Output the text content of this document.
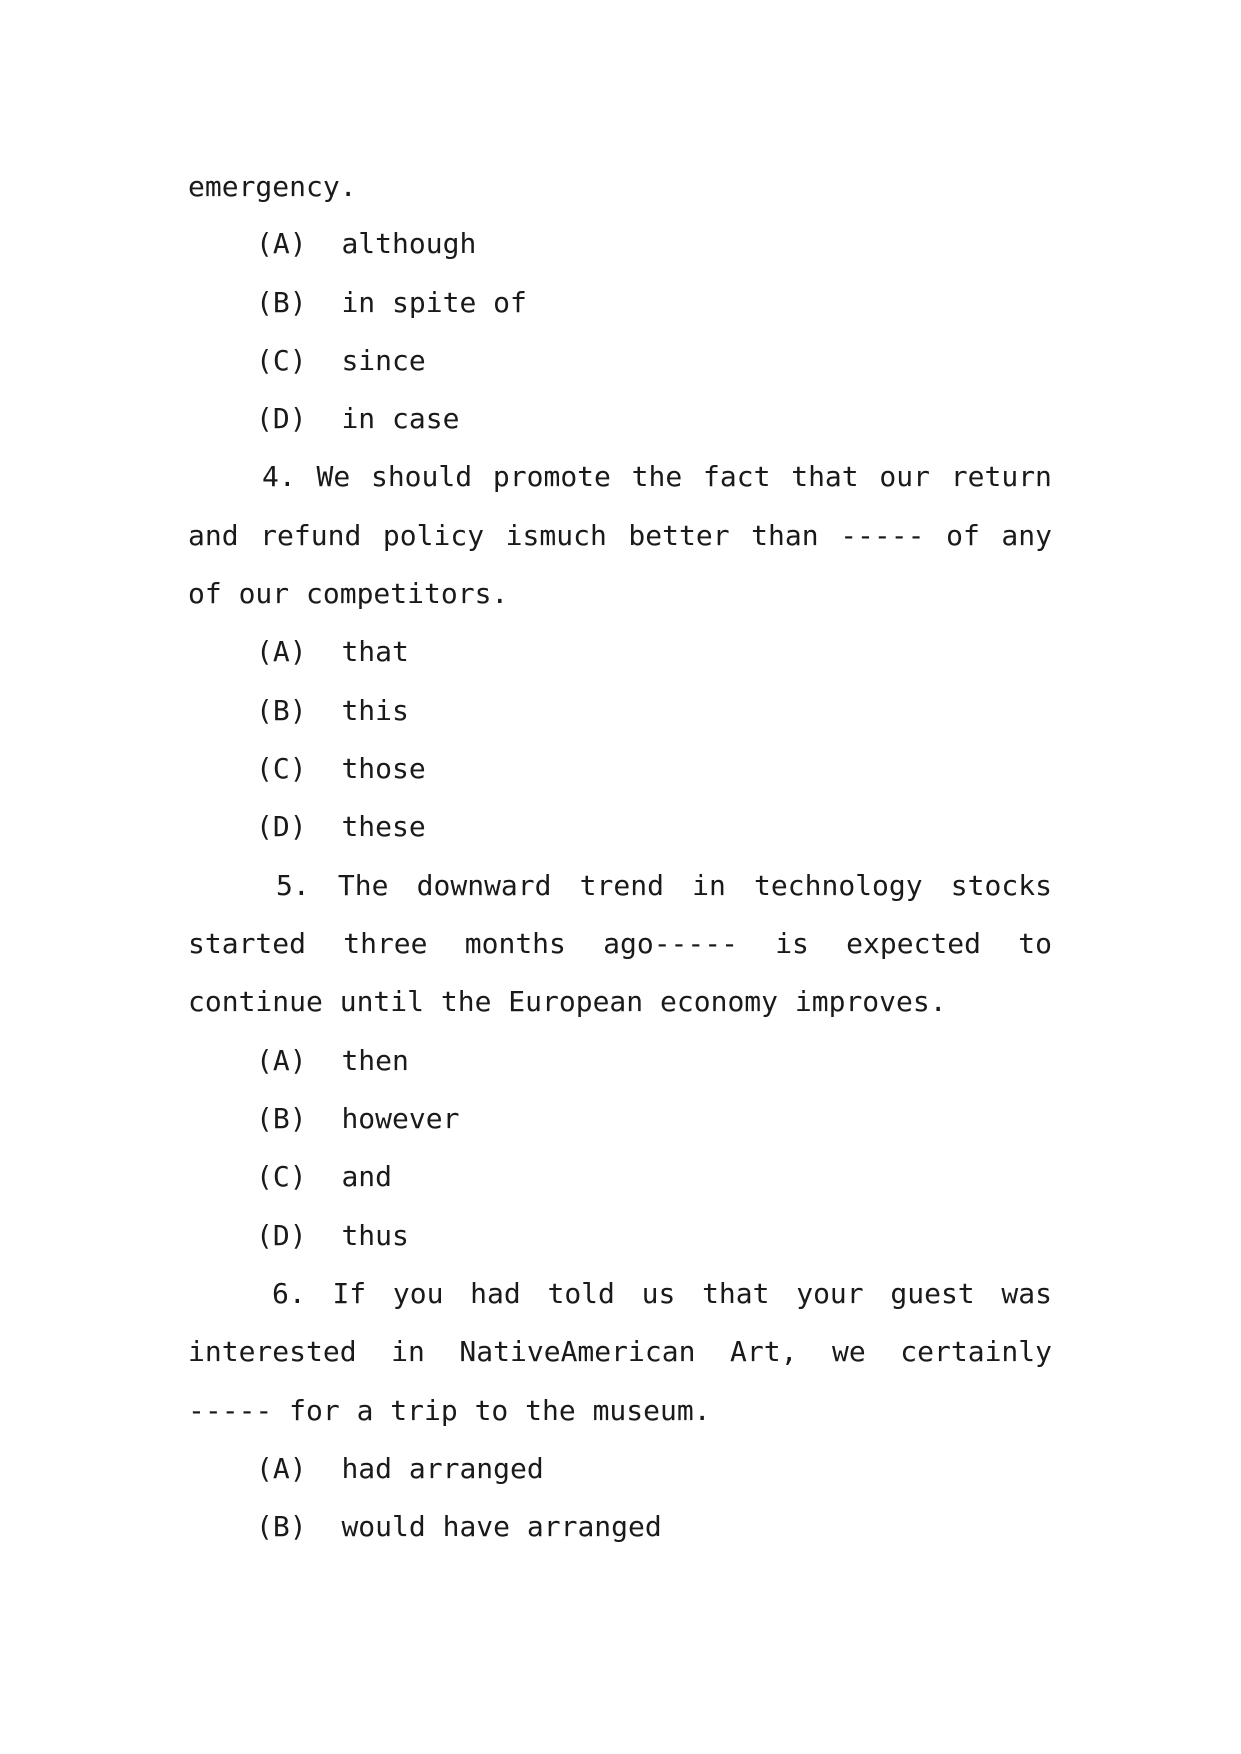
emergency.
(A) although
(B) in spite of
(C) since
(D) in case
4. We should promote the fact that our return
and refund policy ismuch better than ----- of any
of our competitors.
(A) that
(B) this
(C) those
(D) these
5. The downward trend in technology stocks
started three months ago----- is expected to
continue until the European economy improves.
(A) then
(B) however
(C) and
(D) thus
6. If you had told us that your guest was
interested in NativeAmerican Art, we certainly
----- for a trip to the museum.
(A) had arranged
(B) would have arranged
